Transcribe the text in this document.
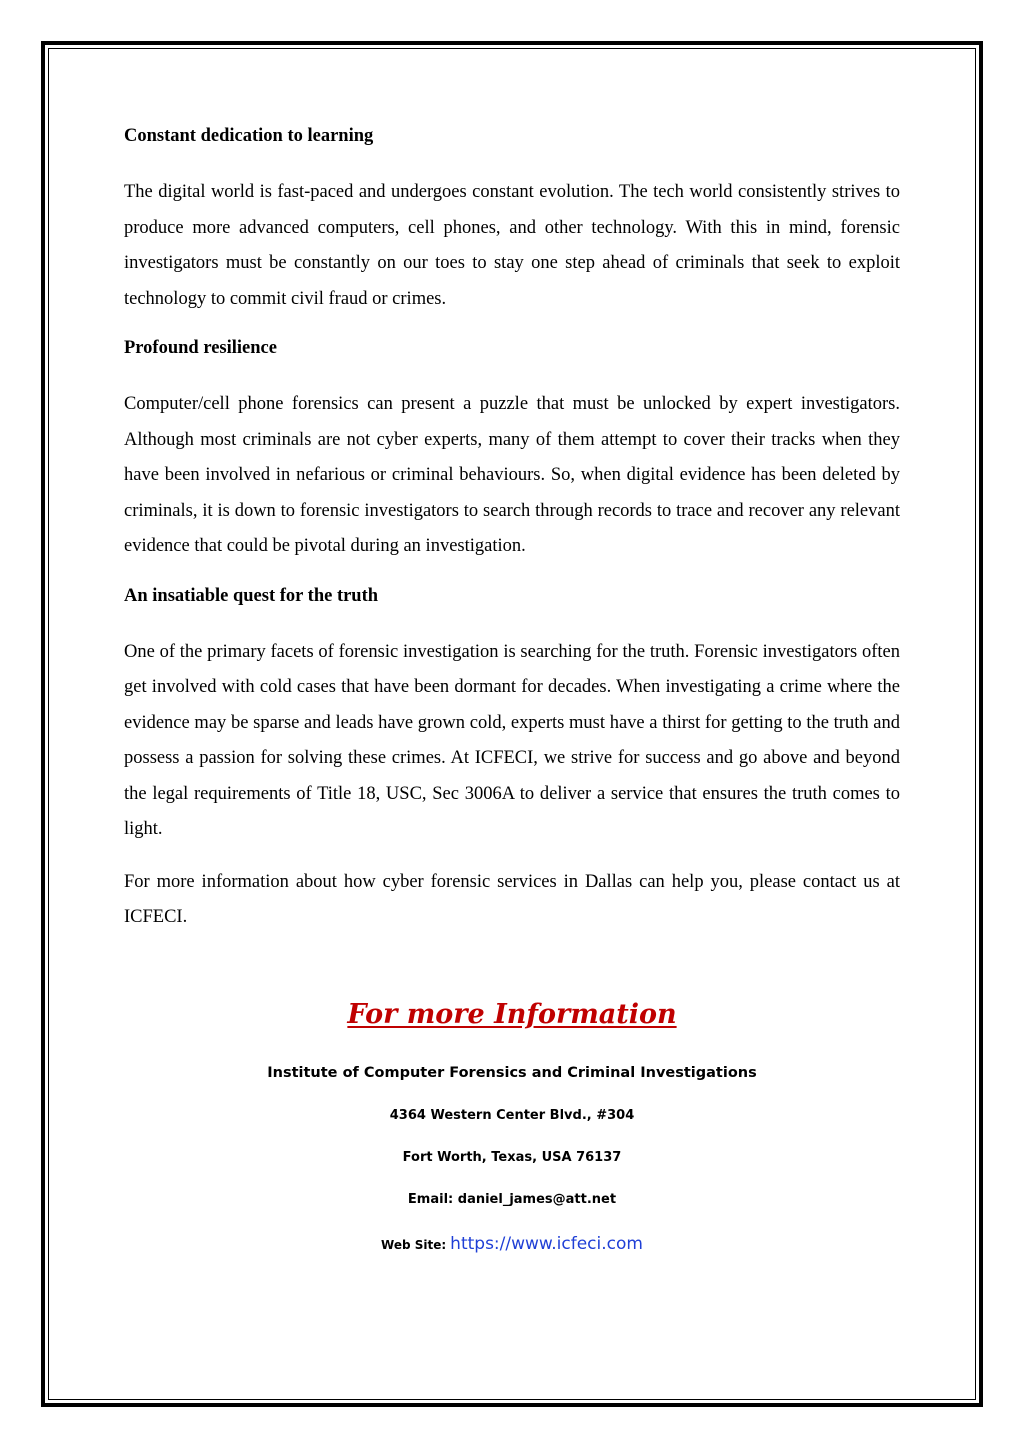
Constant dedication to learning

The digital world is fast-paced and undergoes constant evolution. The tech world consistently strives to produce more advanced computers, cell phones, and other technology. With this in mind, forensic investigators must be constantly on our toes to stay one step ahead of criminals that seek to exploit technology to commit civil fraud or crimes.

Profound resilience

Computer/cell phone forensics can present a puzzle that must be unlocked by expert investigators. Although most criminals are not cyber experts, many of them attempt to cover their tracks when they have been involved in nefarious or criminal behaviours. So, when digital evidence has been deleted by criminals, it is down to forensic investigators to search through records to trace and recover any relevant evidence that could be pivotal during an investigation.

An insatiable quest for the truth

One of the primary facets of forensic investigation is searching for the truth. Forensic investigators often get involved with cold cases that have been dormant for decades. When investigating a crime where the evidence may be sparse and leads have grown cold, experts must have a thirst for getting to the truth and possess a passion for solving these crimes. At ICFECI, we strive for success and go above and beyond the legal requirements of Title 18, USC, Sec 3006A to deliver a service that ensures the truth comes to light.

For more information about how cyber forensic services in Dallas can help you, please contact us at ICFECI.

For more Information
Institute of Computer Forensics and Criminal Investigations
4364 Western Center Blvd., #304
Fort Worth, Texas, USA 76137
Email: daniel_james@att.net
Web Site: https://www.icfeci.com
